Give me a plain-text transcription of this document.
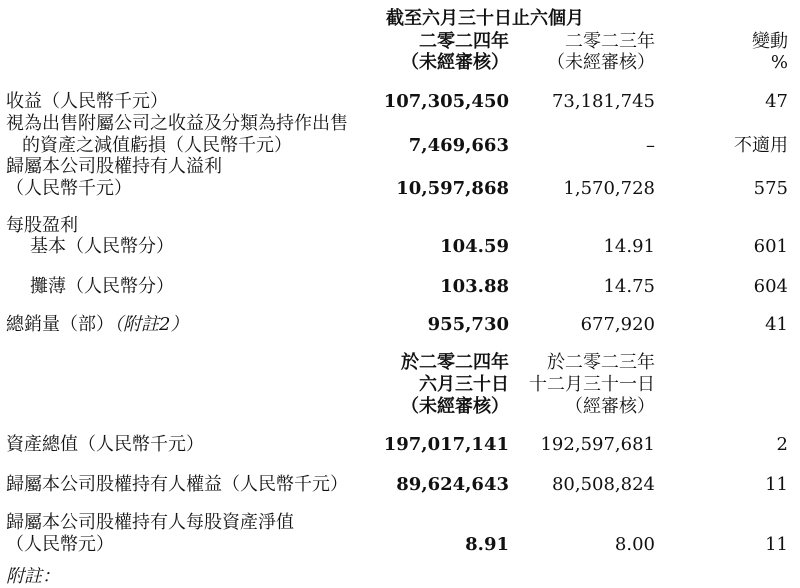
截至六月三十日止六個月
二零二四年	二零二三年	變動
（未經審核） （未經審核）	%
收益（人民幣千元）	107,305,450 73,181,745	47
視為出售附屬公司之收益及分類為持作出售
的資產之減值虧損（人民幣千元）	7,469,663	–	不適用
歸屬本公司股權持有人溢利
（人民幣千元）	10,597,868	1,570,728	575
每股盈利
基本（人民幣分）	104.59	14.91	601
攤薄（人民幣分）	103.88	14.75	604
總銷量（部）（附註2）	955,730	677,920	41
於二零二四年 於二零二三年
六月三十日 十二月三十一日
（未經審核）	（經審核）
資產總值（人民幣千元）	197,017,141 192,597,681	2
歸屬本公司股權持有人權益（人民幣千元）	89,624,643 80,508,824	11
歸屬本公司股權持有人每股資產淨值
（人民幣元）	8.91	8.00	11
附註：
